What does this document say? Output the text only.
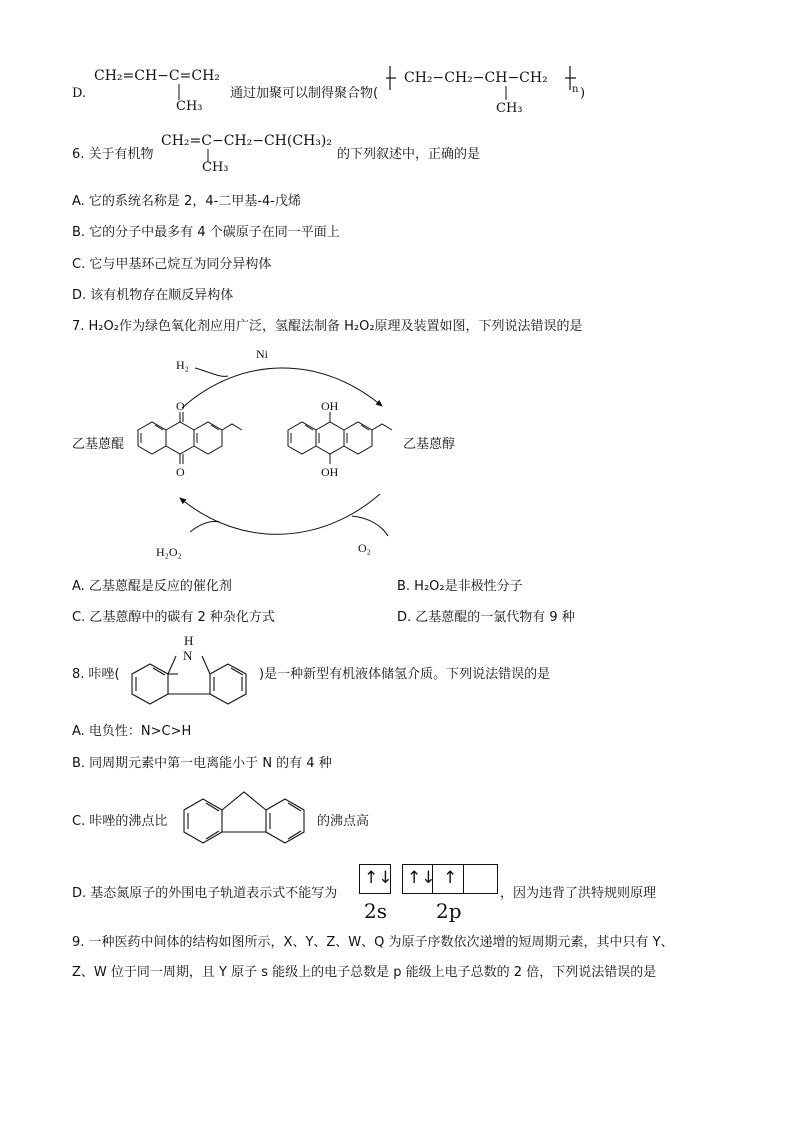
D.
CH₂=CH−C=CH₂
CH₃
通过加聚可以制得聚合物(
CH₂−CH₂−CH−CH₂
CH₃
n )
6. 关于有机物
CH₂=C−CH₂−CH(CH₃)₂
CH₃
的下列叙述中，正确的是
A. 它的系统名称是 2，4-二甲基-4-戊烯
B. 它的分子中最多有 4 个碳原子在同一平面上
C. 它与甲基环己烷互为同分异构体
D. 该有机物存在顺反异构体
7. H₂O₂作为绿色氧化剂应用广泛，氢醌法制备 H₂O₂原理及装置如图，下列说法错误的是
H₂
Ni
H₂O₂	O₂
O
O
OH
OH
乙基蒽醌	乙基蒽醇
A. 乙基蒽醌是反应的催化剂	B. H₂O₂是非极性分子
C. 乙基蒽醇中的碳有 2 种杂化方式	D. 乙基蒽醌的一氯代物有 9 种
8. 咔唑(
H
N
)是一种新型有机液体储氢介质。下列说法错误的是
A. 电负性：N>C>H
B. 同周期元素中第一电离能小于 N 的有 4 种
C. 咔唑的沸点比	的沸点高
D. 基态氮原子的外围电子轨道表示式不能写为
↑↓ ↑↓ ↑
2s 2p
，因为违背了洪特规则原理
9. 一种医药中间体的结构如图所示，X、Y、Z、W、Q 为原子序数依次递增的短周期元素，其中只有 Y、
Z、W 位于同一周期，且 Y 原子 s 能级上的电子总数是 p 能级上电子总数的 2 倍，下列说法错误的是
